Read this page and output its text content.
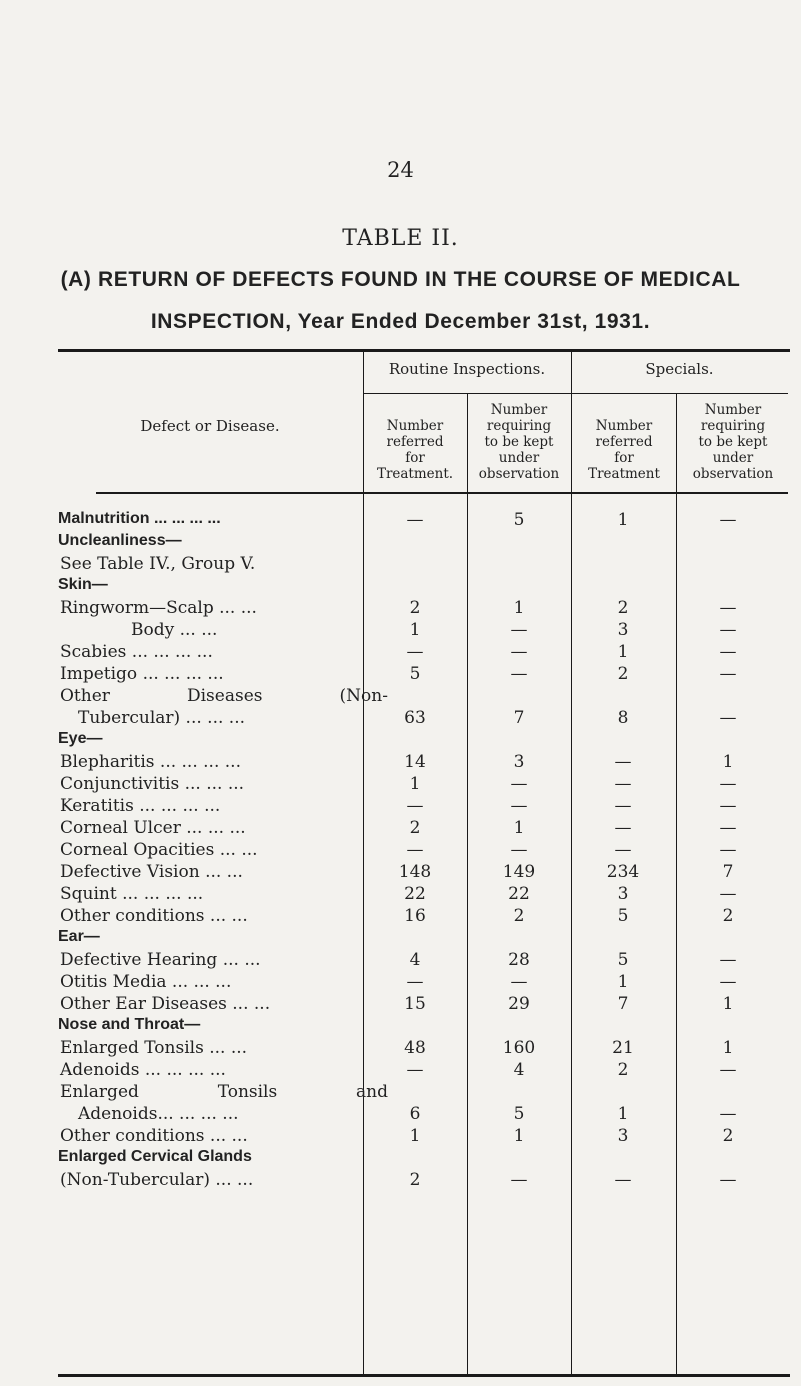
24
TABLE II.
(A) RETURN OF DEFECTS FOUND IN THE COURSE OF MEDICAL
INSPECTION, Year Ended December 31st, 1931.
Defect or Disease.
Routine Inspections.	Specials.
Number
referred
for
Treatment.
Number
requiring
to be kept
under
observation
Number
referred
for
Treatment
Number
requiring
to be kept
under
observation
Malnutrition ... ... ... ...	—	5	1	—
Uncleanliness—
See Table IV., Group V.
Skin—
Ringworm—Scalp ... ...	2	1	2	—
Body ... ...	1	—	3	—
Scabies ... ... ... ...	—	—	1	—
Impetigo ... ... ... ...	5	—	2	—
Other Diseases (Non-
Tubercular) ... ... ...	63	7	8	—
Eye—
Blepharitis ... ... ... ...	14	3	—	1
Conjunctivitis ... ... ...	1	—	—	—
Keratitis ... ... ... ...	—	—	—	—
Corneal Ulcer ... ... ...	2	1	—	—
Corneal Opacities ... ...	—	—	—	—
Defective Vision ... ...	148	149	234	7
Squint ... ... ... ...	22	22	3	—
Other conditions ... ...	16	2	5	2
Ear—
Defective Hearing ... ...	4	28	5	—
Otitis Media ... ... ...	—	—	1	—
Other Ear Diseases ... ...	15	29	7	1
Nose and Throat—
Enlarged Tonsils ... ...	48	160	21	1
Adenoids ... ... ... ...	—	4	2	—
Enlarged Tonsils and
Adenoids... ... ... ...	6	5	1	—
Other conditions ... ...	1	1	3	2
Enlarged Cervical Glands
(Non-Tubercular) ... ...	2	—	—	—
